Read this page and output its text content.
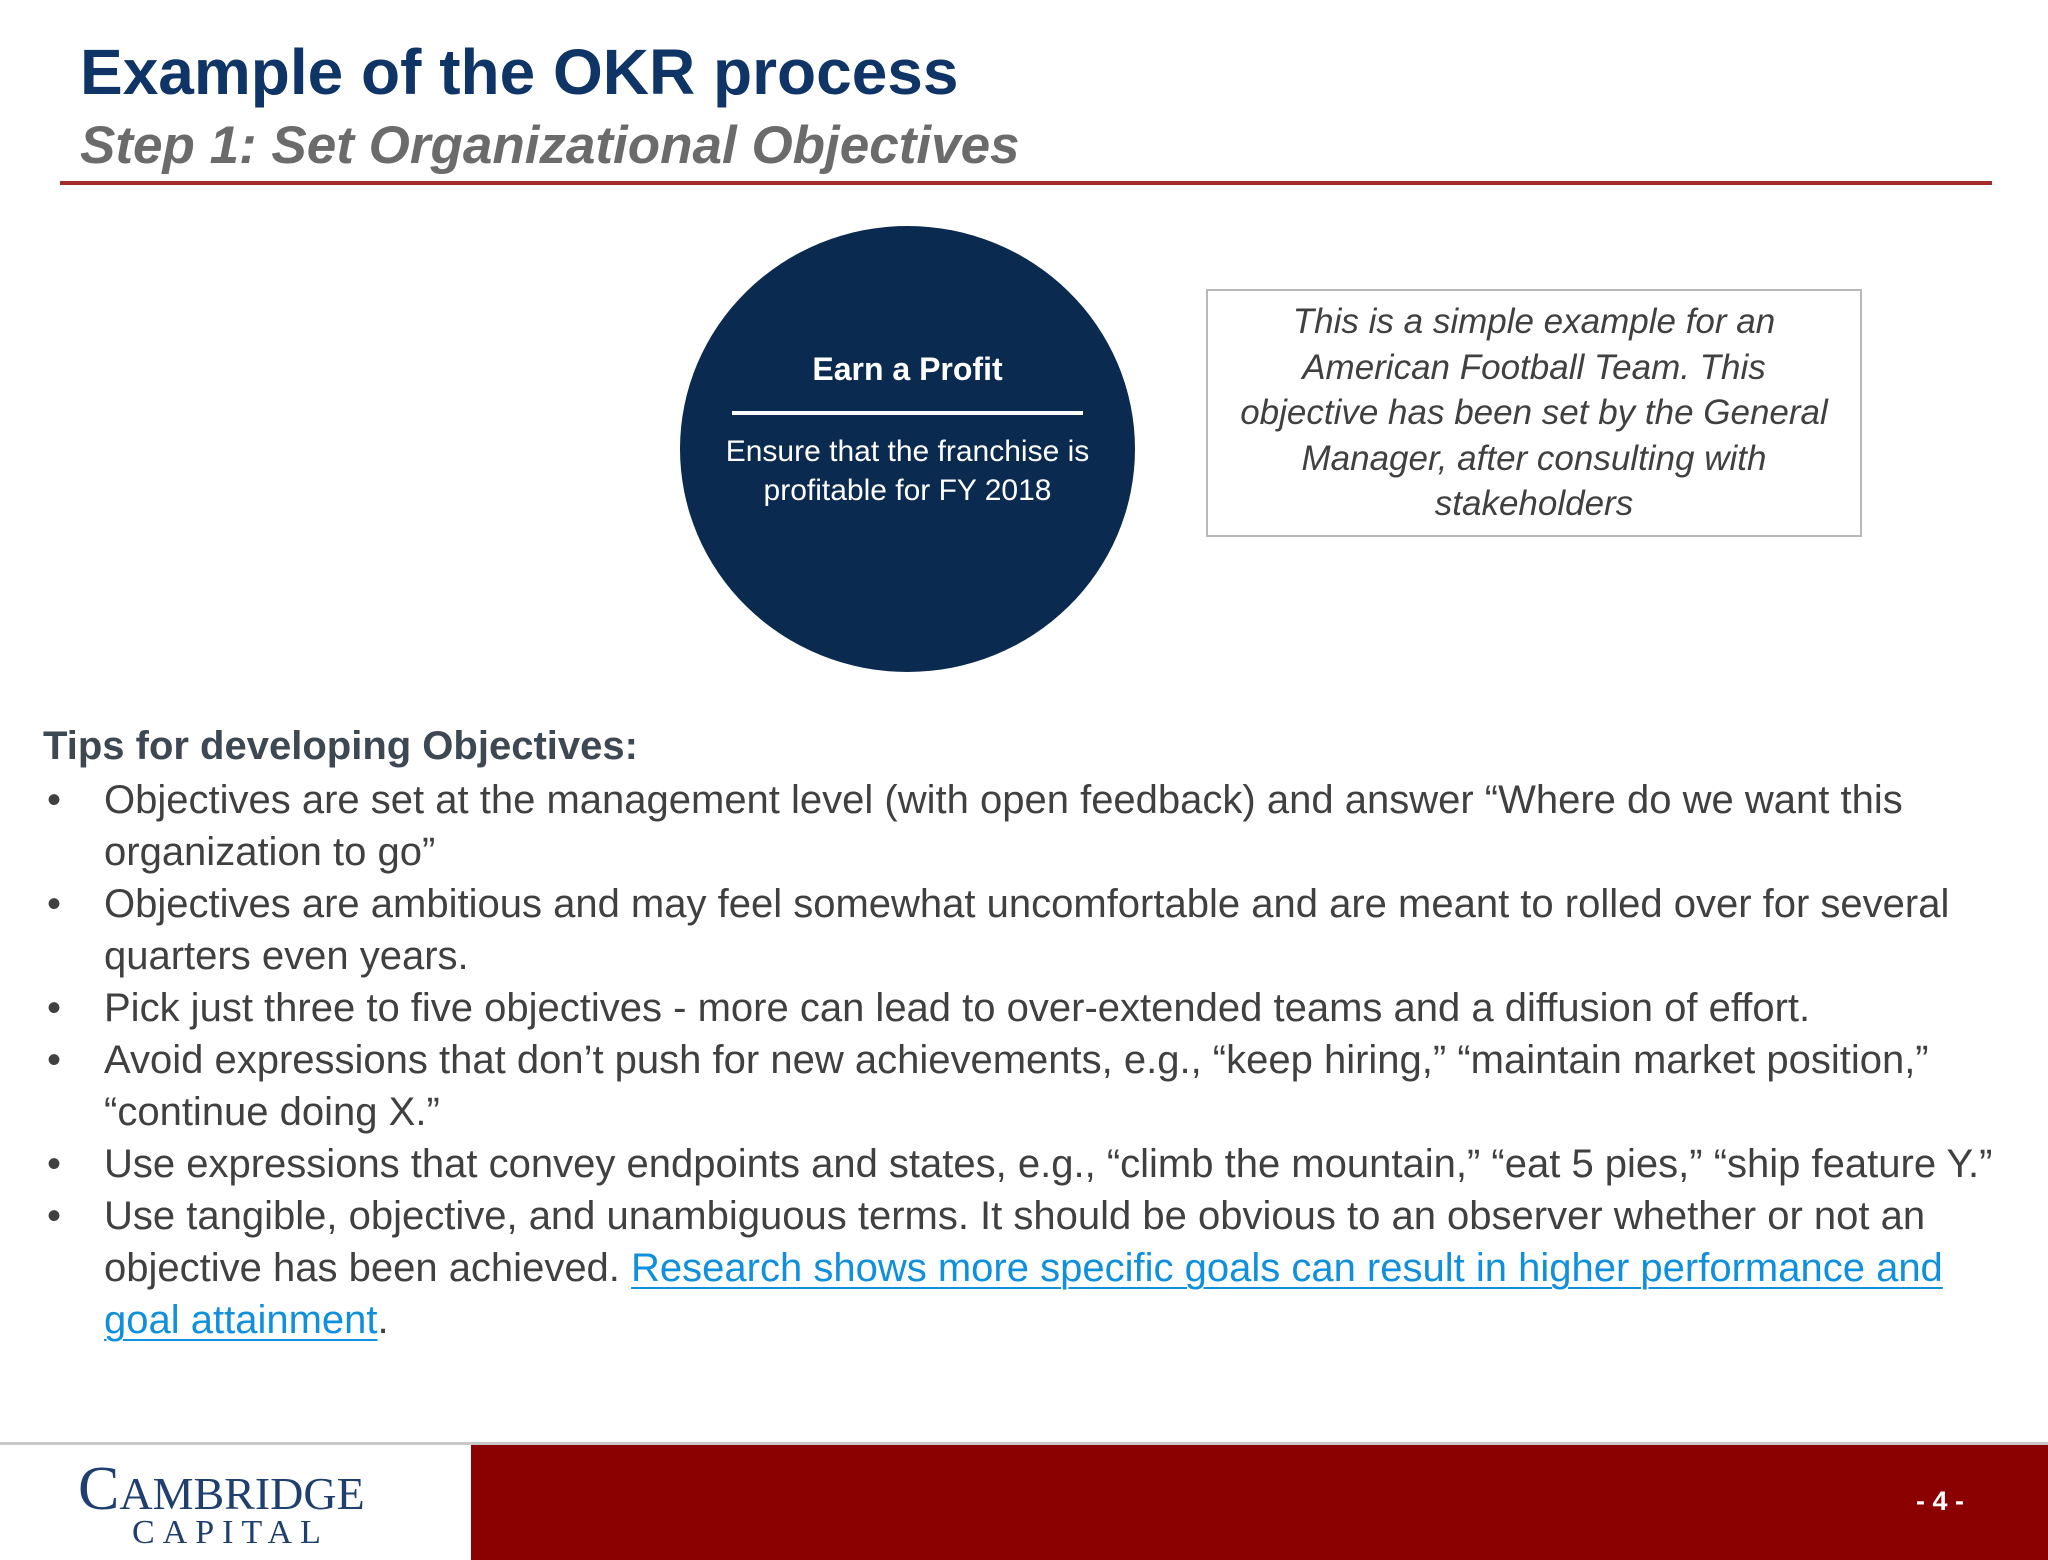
Example of the OKR process
Step 1: Set Organizational Objectives
Earn a Profit
Ensure that the franchise is profitable for FY 2018
This is a simple example for an American Football Team. This objective has been set by the General Manager, after consulting with stakeholders
Tips for developing Objectives:
• Objectives are set at the management level (with open feedback) and answer “Where do we want this organization to go”
• Objectives are ambitious and may feel somewhat uncomfortable and are meant to rolled over for several quarters even years.
• Pick just three to five objectives - more can lead to over-extended teams and a diffusion of effort.
• Avoid expressions that don’t push for new achievements, e.g., “keep hiring,” “maintain market position,” “continue doing X.”
• Use expressions that convey endpoints and states, e.g., “climb the mountain,” “eat 5 pies,” “ship feature Y.”
• Use tangible, objective, and unambiguous terms. It should be obvious to an observer whether or not an objective has been achieved. Research shows more specific goals can result in higher performance and goal attainment.
CAMBRIDGE
CAPITAL
- 4 -
